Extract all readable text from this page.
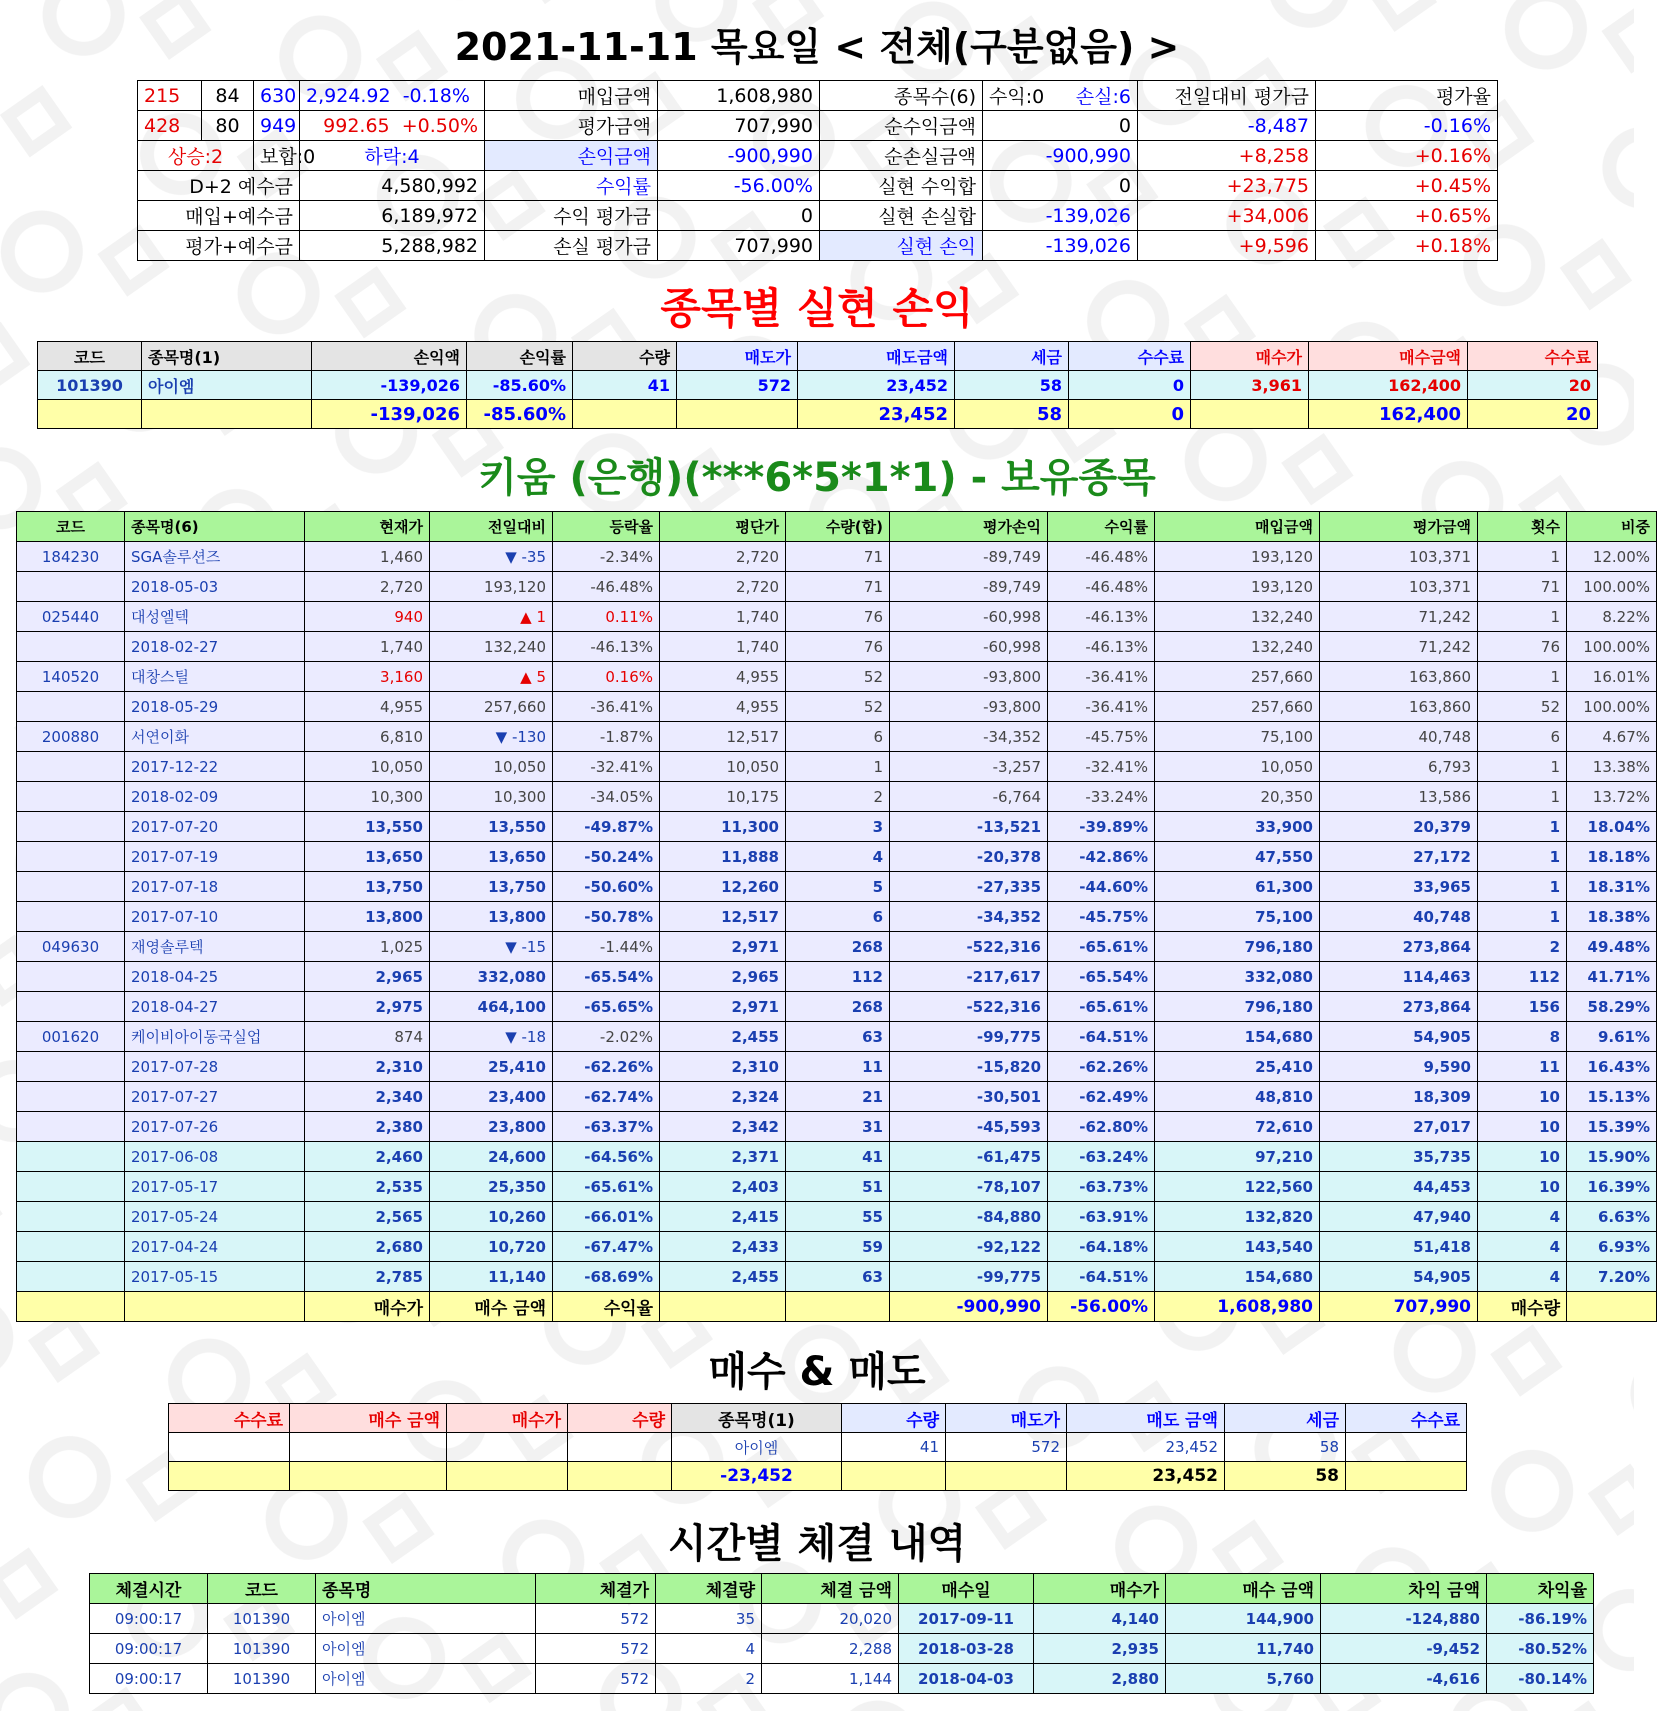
2021-11-11 목요일 < 전체(구분없음) >
215	84	630	2,924.92 -0.18%	매입금액	1,608,980	종목수(6)	수익:0 손실:6	전일대비 평가금	평가율
428	80	949	992.65 +0.50%	평가금액	707,990	순수익금액	0	-8,487	-0.16%
상승:2		보합:0	하락:4	손익금액	-900,990	순손실금액	-900,990	+8,258	+0.16%
D+2 예수금			4,580,992	수익률	-56.00%	실현 수익합	0	+23,775	+0.45%
매입+예수금			6,189,972	수익 평가금	0	실현 손실합	-139,026	+34,006	+0.65%
평가+예수금			5,288,982	손실 평가금	707,990	실현 손익	-139,026	+9,596	+0.18%
종목별 실현 손익
코드	종목명(1)	손익액	손익률	수량	매도가	매도금액	세금	수수료	매수가	매수금액	수수료
101390	아이엠	-139,026	-85.60%	41	572	23,452	58	0	3,961	162,400	20
		-139,026	-85.60%			23,452	58	0		162,400	20
키움 (은행)(***6*5*1*1) - 보유종목
코드	종목명(6)	현재가	전일대비	등락율	평단가	수량(합)	평가손익	수익률	매입금액	평가금액	횟수	비중
184230	SGA솔루션즈	1,460	▼ -35	-2.34%	2,720	71	-89,749	-46.48%	193,120	103,371	1	12.00%
	2018-05-03	2,720	193,120	-46.48%	2,720	71	-89,749	-46.48%	193,120	103,371	71	100.00%
025440	대성엘텍	940	▲ 1	0.11%	1,740	76	-60,998	-46.13%	132,240	71,242	1	8.22%
	2018-02-27	1,740	132,240	-46.13%	1,740	76	-60,998	-46.13%	132,240	71,242	76	100.00%
140520	대창스틸	3,160	▲ 5	0.16%	4,955	52	-93,800	-36.41%	257,660	163,860	1	16.01%
	2018-05-29	4,955	257,660	-36.41%	4,955	52	-93,800	-36.41%	257,660	163,860	52	100.00%
200880	서연이화	6,810	▼ -130	-1.87%	12,517	6	-34,352	-45.75%	75,100	40,748	6	4.67%
	2017-12-22	10,050	10,050	-32.41%	10,050	1	-3,257	-32.41%	10,050	6,793	1	13.38%
	2018-02-09	10,300	10,300	-34.05%	10,175	2	-6,764	-33.24%	20,350	13,586	1	13.72%
	2017-07-20	13,550	13,550	-49.87%	11,300	3	-13,521	-39.89%	33,900	20,379	1	18.04%
	2017-07-19	13,650	13,650	-50.24%	11,888	4	-20,378	-42.86%	47,550	27,172	1	18.18%
	2017-07-18	13,750	13,750	-50.60%	12,260	5	-27,335	-44.60%	61,300	33,965	1	18.31%
	2017-07-10	13,800	13,800	-50.78%	12,517	6	-34,352	-45.75%	75,100	40,748	1	18.38%
049630	재영솔루텍	1,025	▼ -15	-1.44%	2,971	268	-522,316	-65.61%	796,180	273,864	2	49.48%
	2018-04-25	2,965	332,080	-65.54%	2,965	112	-217,617	-65.54%	332,080	114,463	112	41.71%
	2018-04-27	2,975	464,100	-65.65%	2,971	268	-522,316	-65.61%	796,180	273,864	156	58.29%
001620	케이비아이동국실업	874	▼ -18	-2.02%	2,455	63	-99,775	-64.51%	154,680	54,905	8	9.61%
	2017-07-28	2,310	25,410	-62.26%	2,310	11	-15,820	-62.26%	25,410	9,590	11	16.43%
	2017-07-27	2,340	23,400	-62.74%	2,324	21	-30,501	-62.49%	48,810	18,309	10	15.13%
	2017-07-26	2,380	23,800	-63.37%	2,342	31	-45,593	-62.80%	72,610	27,017	10	15.39%
	2017-06-08	2,460	24,600	-64.56%	2,371	41	-61,475	-63.24%	97,210	35,735	10	15.90%
	2017-05-17	2,535	25,350	-65.61%	2,403	51	-78,107	-63.73%	122,560	44,453	10	16.39%
	2017-05-24	2,565	10,260	-66.01%	2,415	55	-84,880	-63.91%	132,820	47,940	4	6.63%
	2017-04-24	2,680	10,720	-67.47%	2,433	59	-92,122	-64.18%	143,540	51,418	4	6.93%
	2017-05-15	2,785	11,140	-68.69%	2,455	63	-99,775	-64.51%	154,680	54,905	4	7.20%
		매수가	매수 금액	수익율			-900,990	-56.00%	1,608,980	707,990	매수량	
매수 & 매도
수수료	매수 금액	매수가	수량	종목명(1)	수량	매도가	매도 금액	세금	수수료
				아이엠	41	572	23,452	58	
				-23,452			23,452	58	
시간별 체결 내역
체결시간	코드	종목명	체결가	체결량	체결 금액	매수일	매수가	매수 금액	차익 금액	차익율
09:00:17	101390	아이엠	572	35	20,020	2017-09-11	4,140	144,900	-124,880	-86.19%
09:00:17	101390	아이엠	572	4	2,288	2018-03-28	2,935	11,740	-9,452	-80.52%
09:00:17	101390	아이엠	572	2	1,144	2018-04-03	2,880	5,760	-4,616	-80.14%
